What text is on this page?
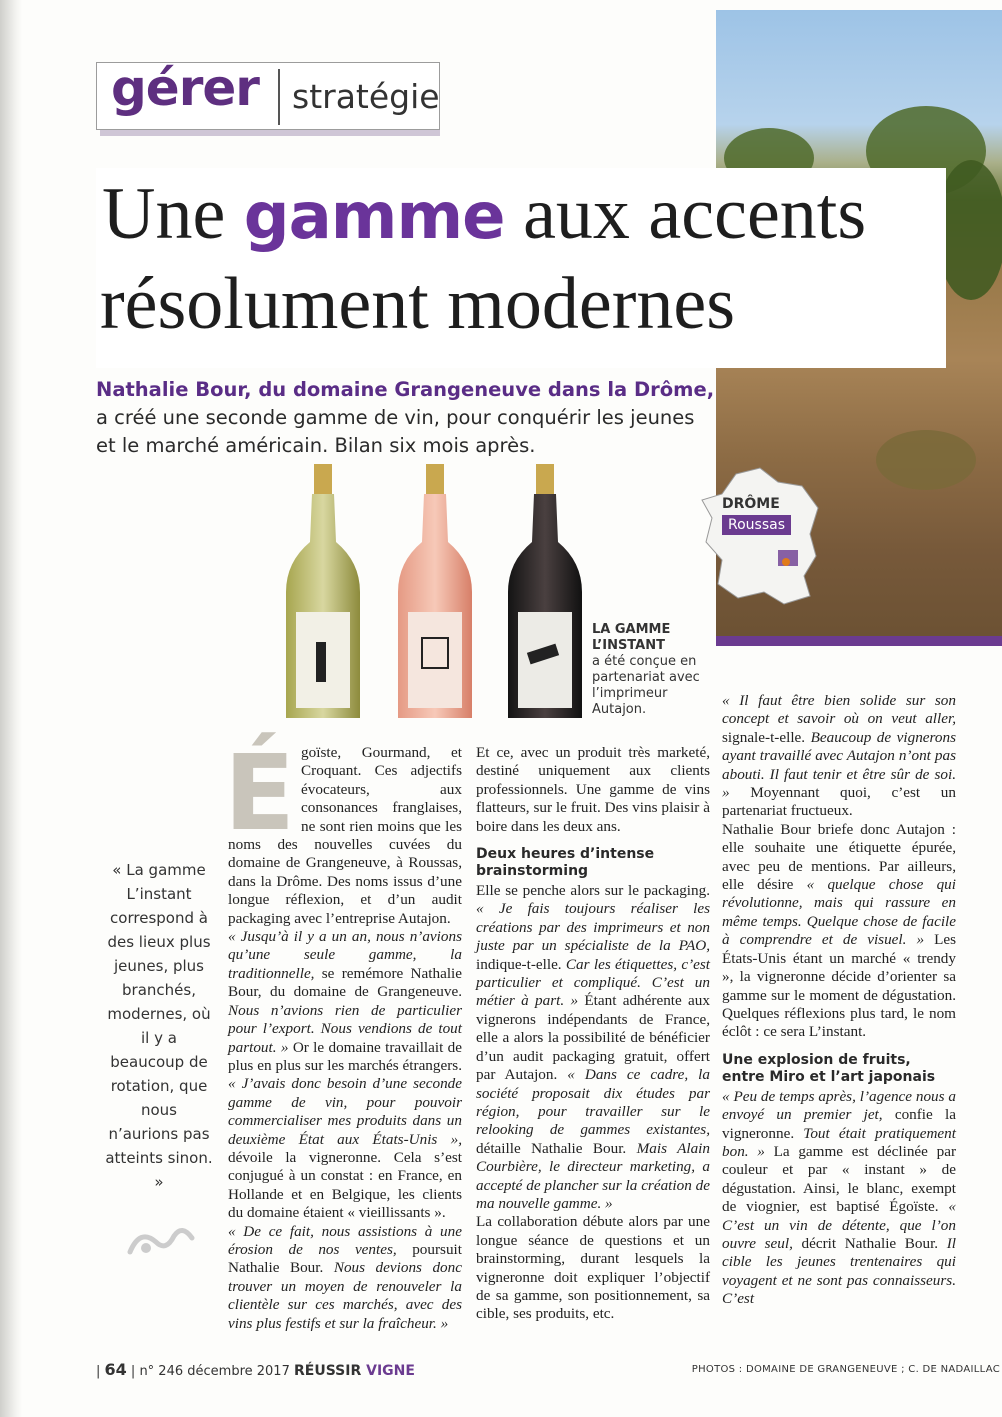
gérer stratégie
Une gamme aux accents
résolument modernes
Nathalie Bour, du domaine Grangeneuve dans la Drôme, a créé une seconde gamme de vin, pour conquérir les jeunes et le marché américain. Bilan six mois après.
DRÔME
Roussas
LA GAMME
L’INSTANT
a été conçue en partenariat avec l’imprimeur Autajon.
« La gamme L’instant correspond à des lieux plus jeunes, plus branchés, modernes, où il y a beaucoup de rotation, que nous n’aurions pas atteints sinon. »

Égoïste, Gourmand, et Croquant. Ces adjectifs évocateurs, aux consonances franglaises, ne sont rien moins que les noms des nouvelles cuvées du domaine de Grangeneuve, à Roussas, dans la Drôme. Des noms issus d’une longue réflexion, et d’un audit packaging avec l’entreprise Autajon.

« Jusqu’à il y a un an, nous n’avions qu’une seule gamme, la traditionnelle, se remémore Nathalie Bour, du domaine de Grangeneuve. Nous n’avions rien de particulier pour l’export. Nous vendions de tout partout. » Or le domaine travaillait de plus en plus sur les marchés étrangers. « J’avais donc besoin d’une seconde gamme de vin, pour pouvoir commercialiser mes produits dans un deuxième État aux États-Unis », dévoile la vigneronne. Cela s’est conjugué à un constat : en France, en Hollande et en Belgique, les clients du domaine étaient « vieillissants ».

« De ce fait, nous assistions à une érosion de nos ventes, poursuit Nathalie Bour. Nous devions donc trouver un moyen de renouveler la clientèle sur ces marchés, avec des vins plus festifs et sur la fraîcheur. »

Et ce, avec un produit très marketé, destiné uniquement aux clients professionnels. Une gamme de vins flatteurs, sur le fruit. Des vins plaisir à boire dans les deux ans.

Deux heures d’intense brainstorming

Elle se penche alors sur le packaging. « Je fais toujours réaliser les créations par des imprimeurs et non juste par un spécialiste de la PAO, indique-t-elle. Car les étiquettes, c’est particulier et compliqué. C’est un métier à part. » Étant adhérente aux vignerons indépendants de France, elle a alors la possibilité de bénéficier d’un audit packaging gratuit, offert par Autajon. « Dans ce cadre, la société proposait dix études par région, pour travailler sur le relooking de gammes existantes, détaille Nathalie Bour. Mais Alain Courbière, le directeur marketing, a accepté de plancher sur la création de ma nouvelle gamme. »

La collaboration débute alors par une longue séance de questions et un brainstorming, durant lesquels la vigneronne doit expliquer l’objectif de sa gamme, son positionnement, sa cible, ses produits, etc.

« Il faut être bien solide sur son concept et savoir où on veut aller, signale-t-elle. Beaucoup de vignerons ayant travaillé avec Autajon n’ont pas abouti. Il faut tenir et être sûr de soi. » Moyennant quoi, c’est un partenariat fructueux.

Nathalie Bour briefe donc Autajon : elle souhaite une étiquette épurée, avec peu de mentions. Par ailleurs, elle désire « quelque chose qui révolutionne, mais qui rassure en même temps. Quelque chose de facile à comprendre et de visuel. » Les États-Unis étant un marché « trendy », la vigneronne décide d’orienter sa gamme sur le moment de dégustation. Quelques réflexions plus tard, le nom éclôt : ce sera L’instant.

Une explosion de fruits, entre Miro et l’art japonais

« Peu de temps après, l’agence nous a envoyé un premier jet, confie la vigneronne. Tout était pratiquement bon. » La gamme est déclinée par couleur et par « instant » de dégustation. Ainsi, le blanc, exempt de viognier, est baptisé Égoïste. « C’est un vin de détente, que l’on ouvre seul, décrit Nathalie Bour. Il cible les jeunes trentenaires qui voyagent et ne sont pas connaisseurs. C’est

| 64 | n° 246 décembre 2017 RÉUSSIR VIGNE	PHOTOS : DOMAINE DE GRANGENEUVE ; C. DE NADAILLAC
